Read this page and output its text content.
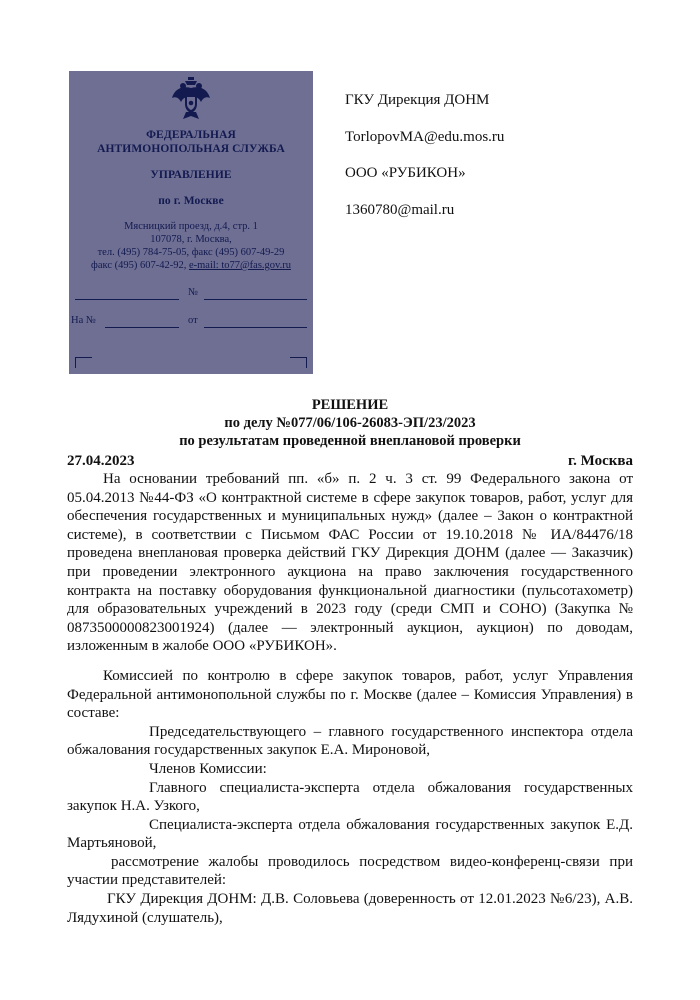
ФЕДЕРАЛЬНАЯ
АНТИМОНОПОЛЬНАЯ СЛУЖБА
УПРАВЛЕНИЕ
по г. Москве
Мясницкий проезд, д.4, стр. 1
107078, г. Москва,
тел. (495) 784-75-05, факс (495) 607-49-29
факс (495) 607-42-92, e-mail: to77@fas.gov.ru
№
На №	от
ГКУ Дирекция ДОНМ
TorlopovMA@edu.mos.ru
ООО «РУБИКОН»
1360780@mail.ru
РЕШЕНИЕ
по делу №077/06/106-26083-ЭП/23/2023
по результатам проведенной внеплановой проверки
27.04.2023	г. Москва

На основании требований пп. «б» п. 2 ч. 3 ст. 99 Федерального закона от 05.04.2013 №44-ФЗ «О контрактной системе в сфере закупок товаров, работ, услуг для обеспечения государственных и муниципальных нужд» (далее – Закон о контрактной системе), в соответствии с Письмом ФАС России от 19.10.2018 № ИА/84476/18 проведена внеплановая проверка действий ГКУ Дирекция ДОНМ (далее — Заказчик) при проведении электронного аукциона на право заключения государственного контракта на поставку оборудования функциональной диагностики (пульсотахометр) для образовательных учреждений в 2023 году (среди СМП и СОНО) (Закупка № 0873500000823001924) (далее — электронный аукцион, аукцион) по доводам, изложенным в жалобе ООО «РУБИКОН».

Комиссией по контролю в сфере закупок товаров, работ, услуг Управления Федеральной антимонопольной службы по г. Москве (далее – Комиссия Управления) в составе:

Председательствующего – главного государственного инспектора отдела обжалования государственных закупок Е.А. Мироновой,

Членов Комиссии:

Главного специалиста-эксперта отдела обжалования государственных закупок Н.А. Узкого,

Специалиста-эксперта отдела обжалования государственных закупок Е.Д. Мартьяновой,

рассмотрение жалобы проводилось посредством видео-конференц-связи при участии представителей:

ГКУ Дирекция ДОНМ: Д.В. Соловьева (доверенность от 12.01.2023 №6/23), А.В. Лядухиной (слушатель),
